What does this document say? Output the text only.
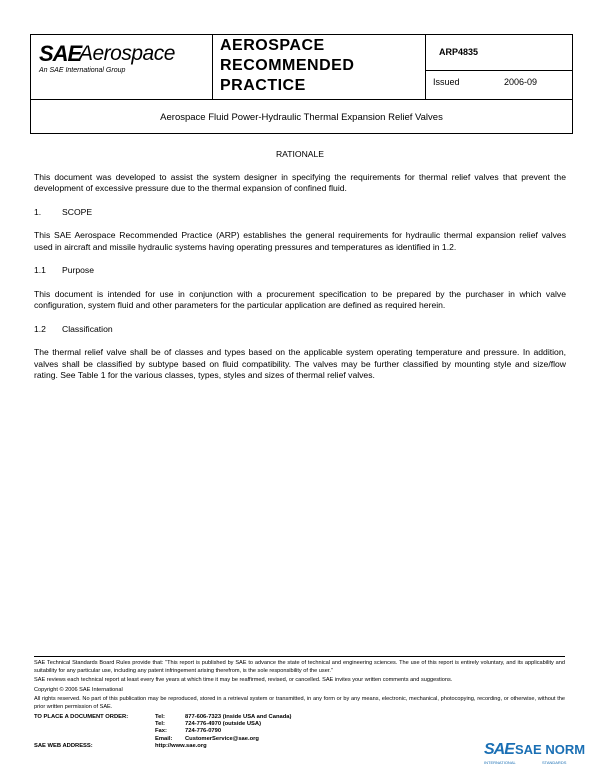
SAE
Aerospace
An SAE International Group
AEROSPACE
RECOMMENDED
PRACTICE
ARP4835
Issued	2006-09
Aerospace Fluid Power-Hydraulic Thermal Expansion Relief Valves

RATIONALE

This document was developed to assist the system designer in specifying the requirements for thermal relief valves that prevent the development of excessive pressure due to the thermal expansion of confined fluid.

1. SCOPE

This SAE Aerospace Recommended Practice (ARP) establishes the general requirements for hydraulic thermal expansion relief valves used in aircraft and missile hydraulic systems having operating pressures and temperatures as identified in 1.2.

1.1 Purpose

This document is intended for use in conjunction with a procurement specification to be prepared by the purchaser in which valve configuration, system fluid and other parameters for the particular application are defined as required herein.

1.2 Classification

The thermal relief valve shall be of classes and types based on the applicable system operating temperature and pressure. In addition, valves shall be classified by subtype based on fluid compatibility. The valves may be further classified by mounting style and size/flow rating. See Table 1 for the various classes, types, styles and sizes of thermal relief valves.

SAE Technical Standards Board Rules provide that: “This report is published by SAE to advance the state of technical and engineering sciences. The use of this report is entirely voluntary, and its applicability and suitability for any particular use, including any patent infringement arising therefrom, is the sole responsibility of the user.”

SAE reviews each technical report at least every five years at which time it may be reaffirmed, revised, or cancelled. SAE invites your written comments and suggestions.

Copyright © 2006 SAE International

All rights reserved. No part of this publication may be reproduced, stored in a retrieval system or transmitted, in any form or by any means, electronic, mechanical, photocopying, recording, or otherwise, without the prior written permission of SAE.

TO PLACE A DOCUMENT ORDER:	Tel:	877-606-7323 (inside USA and Canada)
	Tel:	724-776-4970 (outside USA)
	Fax:	724-776-0790
	Email:	CustomerService@sae.org
SAE WEB ADDRESS:	http://www.sae.org		SAE SAE NORM
INTERNATIONAL	STANDARDS
